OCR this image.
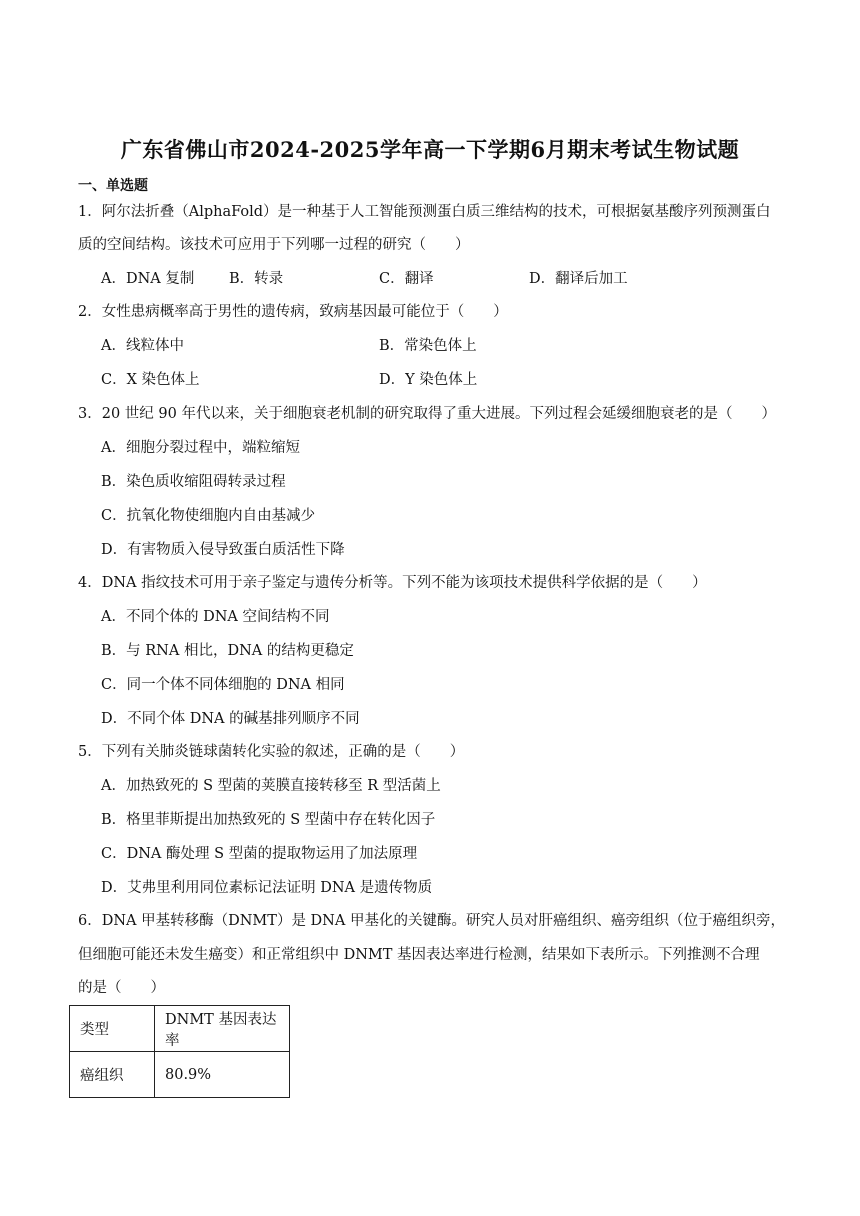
广东省佛山市2024-2025学年高一下学期6月期末考试生物试题
一、单选题
1．阿尔法折叠（AlphaFold）是一种基于人工智能预测蛋白质三维结构的技术，可根据氨基酸序列预测蛋白
质的空间结构。该技术可应用于下列哪一过程的研究（　　）
A．DNA 复制 B．转录	C．翻译	D．翻译后加工
2．女性患病概率高于男性的遗传病，致病基因最可能位于（　　）
A．线粒体中	B．常染色体上
C．X 染色体上	D．Y 染色体上
3．20 世纪 90 年代以来，关于细胞衰老机制的研究取得了重大进展。下列过程会延缓细胞衰老的是（　　）
A．细胞分裂过程中，端粒缩短
B．染色质收缩阻碍转录过程
C．抗氧化物使细胞内自由基减少
D．有害物质入侵导致蛋白质活性下降
4．DNA 指纹技术可用于亲子鉴定与遗传分析等。下列不能为该项技术提供科学依据的是（　　）
A．不同个体的 DNA 空间结构不同
B．与 RNA 相比，DNA 的结构更稳定
C．同一个体不同体细胞的 DNA 相同
D．不同个体 DNA 的碱基排列顺序不同
5．下列有关肺炎链球菌转化实验的叙述，正确的是（　　）
A．加热致死的 S 型菌的荚膜直接转移至 R 型活菌上
B．格里菲斯提出加热致死的 S 型菌中存在转化因子
C．DNA 酶处理 S 型菌的提取物运用了加法原理
D．艾弗里利用同位素标记法证明 DNA 是遗传物质
6．DNA 甲基转移酶（DNMT）是 DNA 甲基化的关键酶。研究人员对肝癌组织、癌旁组织（位于癌组织旁，
但细胞可能还未发生癌变）和正常组织中 DNMT 基因表达率进行检测，结果如下表所示。下列推测不合理
的是（　　）
类型	DNMT 基因表达率
癌组织	80.9%
